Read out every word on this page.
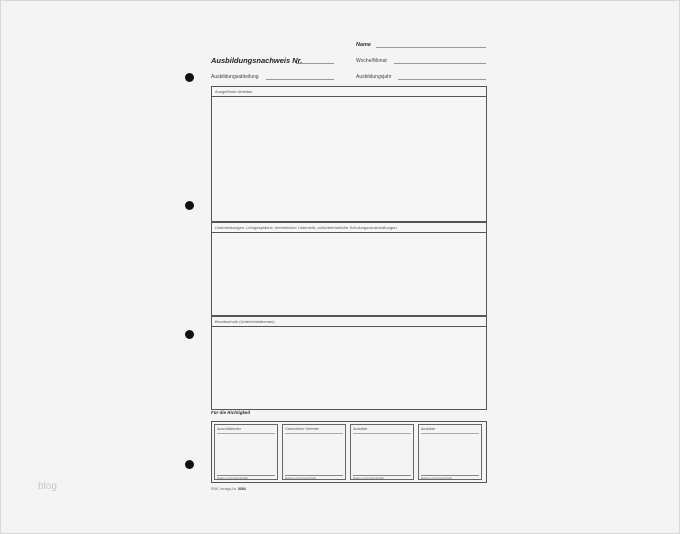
Name
Ausbildungsnachweis Nr.	Woche/Monat
Ausbildungsabteilung	Ausbildungsjahr
Ausgeführte Arbeiten
Unterweisungen, Lehrgespräche, betrieblicher Unterricht, außerbetriebliche Schulungsveranstaltungen
Berufsschule (Unterrichtsthemen)
Für die Richtigkeit
Auszubildender
Datum und Unterschrift
Gesetzlicher Vertreter
Datum und Unterschrift
Ausbilder
Datum und Unterschrift
Ausbilder
Datum und Unterschrift
RNK-Verlags-Nr. 3084
blog
